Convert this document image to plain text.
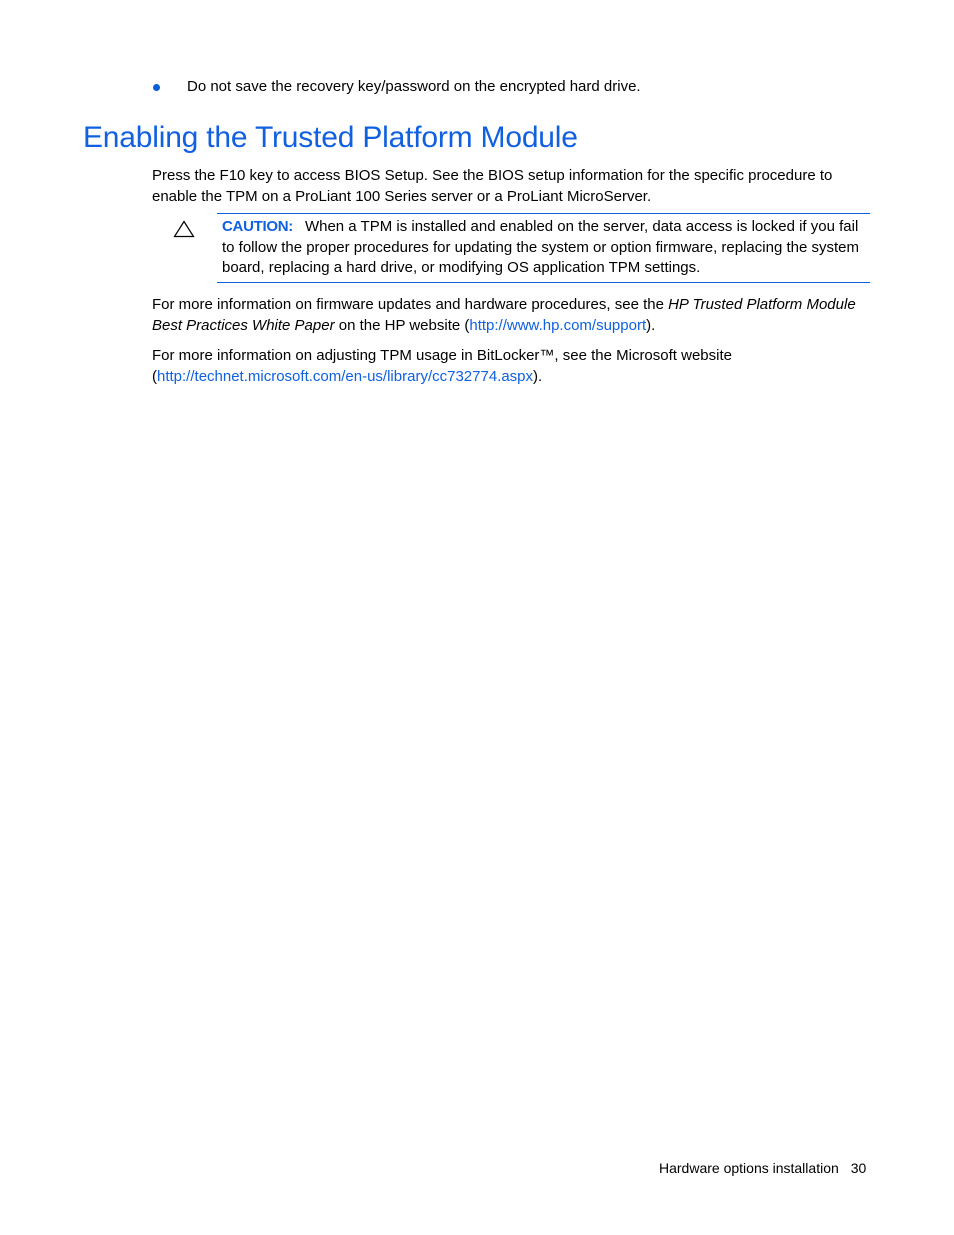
Do not save the recovery key/password on the encrypted hard drive.
Enabling the Trusted Platform Module

Press the F10 key to access BIOS Setup. See the BIOS setup information for the specific procedure to enable the TPM on a ProLiant 100 Series server or a ProLiant MicroServer.

CAUTION: When a TPM is installed and enabled on the server, data access is locked if you fail to follow the proper procedures for updating the system or option firmware, replacing the system board, replacing a hard drive, or modifying OS application TPM settings.

For more information on firmware updates and hardware procedures, see the HP Trusted Platform Module Best Practices White Paper on the HP website (http://www.hp.com/support).

For more information on adjusting TPM usage in BitLocker™, see the Microsoft website (http://technet.microsoft.com/en-us/library/cc732774.aspx).

Hardware options installation 30
